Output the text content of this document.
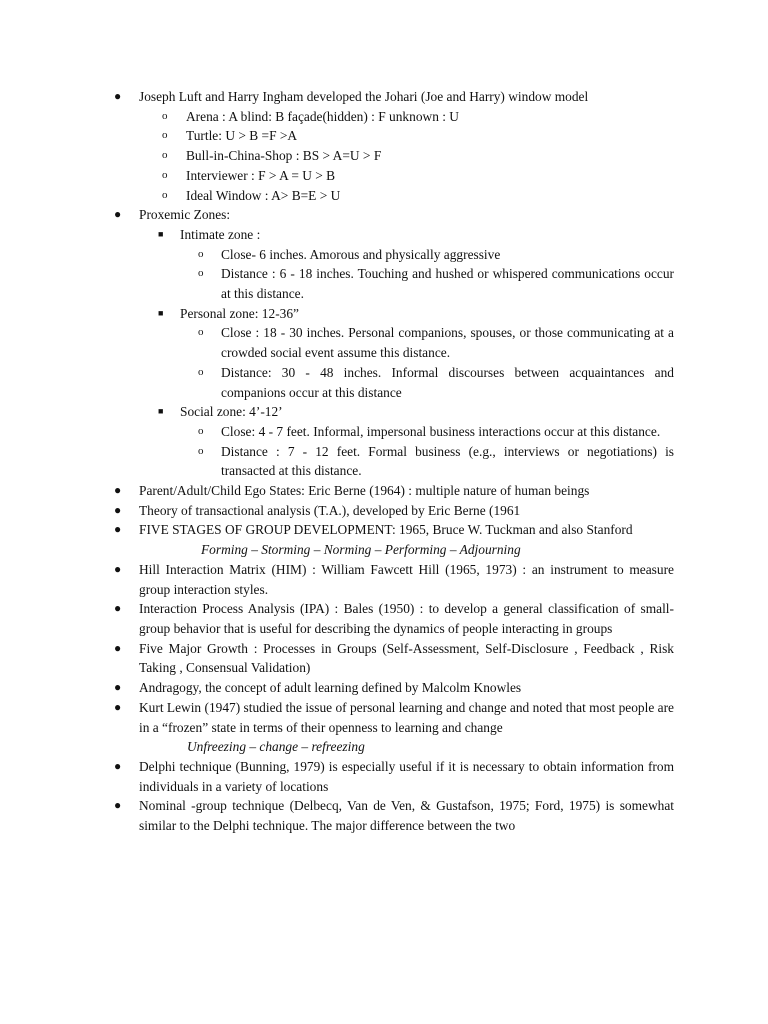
● Joseph Luft and Harry Ingham developed the Johari (Joe and Harry) window model
o Arena : A blind: B façade(hidden) : F unknown : U
o Turtle: U > B =F >A
o Bull-in-China-Shop : BS > A=U > F
o Interviewer : F > A = U > B
o Ideal Window : A> B=E > U
● Proxemic Zones:
■ Intimate zone :
o Close- 6 inches. Amorous and physically aggressive
o Distance : 6 - 18 inches. Touching and hushed or whispered communications occur at this distance.
■ Personal zone: 12-36”
o Close : 18 - 30 inches. Personal companions, spouses, or those communicating at a crowded social event assume this distance.
o Distance: 30 - 48 inches. Informal discourses between acquaintances and companions occur at this distance
■ Social zone: 4’-12’
o Close: 4 - 7 feet. Informal, impersonal business interactions occur at this distance.
o Distance : 7 - 12 feet. Formal business (e.g., interviews or negotiations) is transacted at this distance.
● Parent/Adult/Child Ego States: Eric Berne (1964) : multiple nature of human beings
● Theory of transactional analysis (T.A.), developed by Eric Berne (1961
● FIVE STAGES OF GROUP DEVELOPMENT: 1965, Bruce W. Tuckman and also Stanford
Forming – Storming – Norming – Performing – Adjourning
● Hill Interaction Matrix (HIM) : William Fawcett Hill (1965, 1973) : an instrument to measure group interaction styles.
● Interaction Process Analysis (IPA) : Bales (1950) : to develop a general classification of small-group behavior that is useful for describing the dynamics of people interacting in groups
● Five Major Growth : Processes in Groups (Self-Assessment, Self-Disclosure , Feedback , Risk Taking , Consensual Validation)
● Andragogy, the concept of adult learning defined by Malcolm Knowles
● Kurt Lewin (1947) studied the issue of personal learning and change and noted that most people are in a “frozen” state in terms of their openness to learning and change
Unfreezing – change – refreezing
● Delphi technique (Bunning, 1979) is especially useful if it is necessary to obtain information from individuals in a variety of locations
● Nominal -group technique (Delbecq, Van de Ven, & Gustafson, 1975; Ford, 1975) is somewhat similar to the Delphi technique. The major difference between the two
